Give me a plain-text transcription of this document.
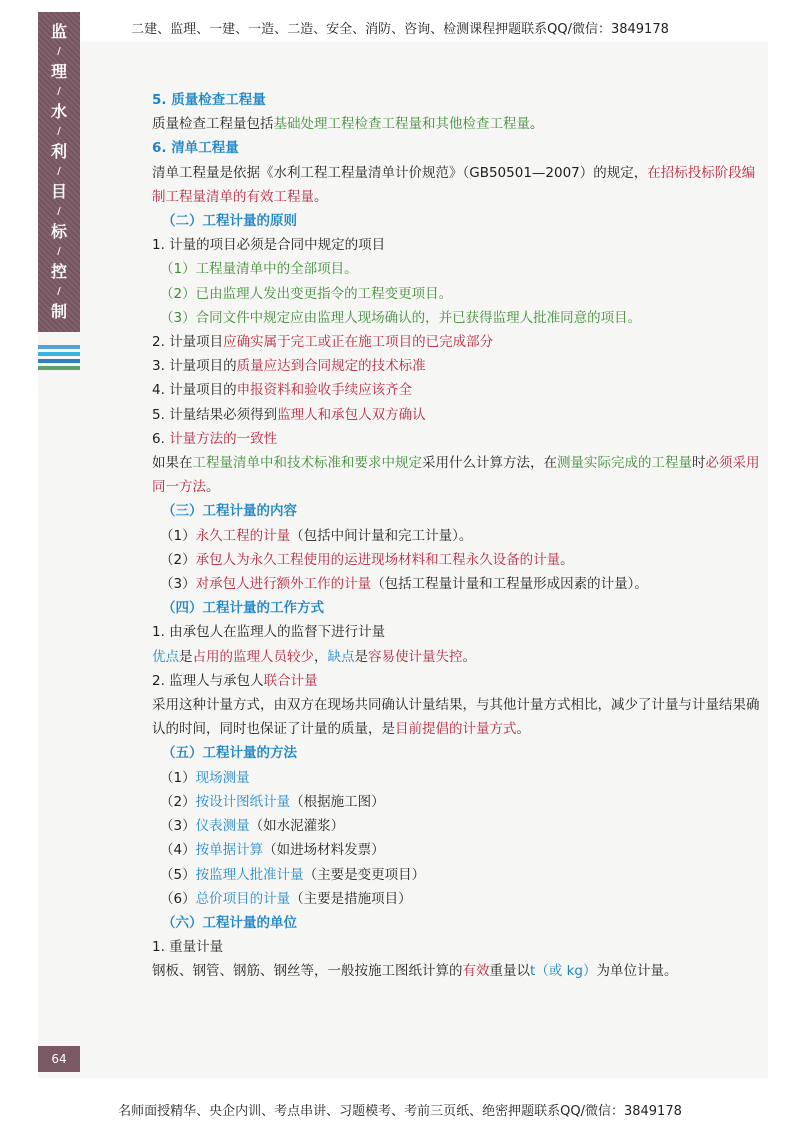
二建、监理、一建、一造、二造、安全、消防、咨询、检测课程押题联系QQ/微信：3849178
监
/
理
/
水
/
利
/
目
/
标
/
控
/
制

5. 质量检查工程量

质量检查工程量包括基础处理工程检查工程量和其他检查工程量。

6. 清单工程量

清单工程量是依据《水利工程工程量清单计价规范》（GB50501—2007）的规定，在招标投标阶段编制工程量清单的有效工程量。

（二）工程计量的原则

1. 计量的项目必须是合同中规定的项目

（1）工程量清单中的全部项目。

（2）已由监理人发出变更指令的工程变更项目。

（3）合同文件中规定应由监理人现场确认的，并已获得监理人批准同意的项目。

2. 计量项目应确实属于完工或正在施工项目的已完成部分

3. 计量项目的质量应达到合同规定的技术标准

4. 计量项目的申报资料和验收手续应该齐全

5. 计量结果必须得到监理人和承包人双方确认

6. 计量方法的一致性

如果在工程量清单中和技术标准和要求中规定采用什么计算方法，在测量实际完成的工程量时必须采用同一方法。

（三）工程计量的内容

（1）永久工程的计量（包括中间计量和完工计量）。

（2）承包人为永久工程使用的运进现场材料和工程永久设备的计量。

（3）对承包人进行额外工作的计量（包括工程量计量和工程量形成因素的计量）。

（四）工程计量的工作方式

1. 由承包人在监理人的监督下进行计量

优点是占用的监理人员较少，缺点是容易使计量失控。

2. 监理人与承包人联合计量

采用这种计量方式，由双方在现场共同确认计量结果，与其他计量方式相比，减少了计量与计量结果确认的时间，同时也保证了计量的质量，是目前提倡的计量方式。

（五）工程计量的方法

（1）现场测量

（2）按设计图纸计量（根据施工图）

（3）仪表测量（如水泥灌浆）

（4）按单据计算（如进场材料发票）

（5）按监理人批准计量（主要是变更项目）

（6）总价项目的计量（主要是措施项目）

（六）工程计量的单位

1. 重量计量

钢板、钢管、钢筋、钢丝等，一般按施工图纸计算的有效重量以t（或 kg）为单位计量。

64
名师面授精华、央企内训、考点串讲、习题模考、考前三页纸、绝密押题联系QQ/微信：3849178
